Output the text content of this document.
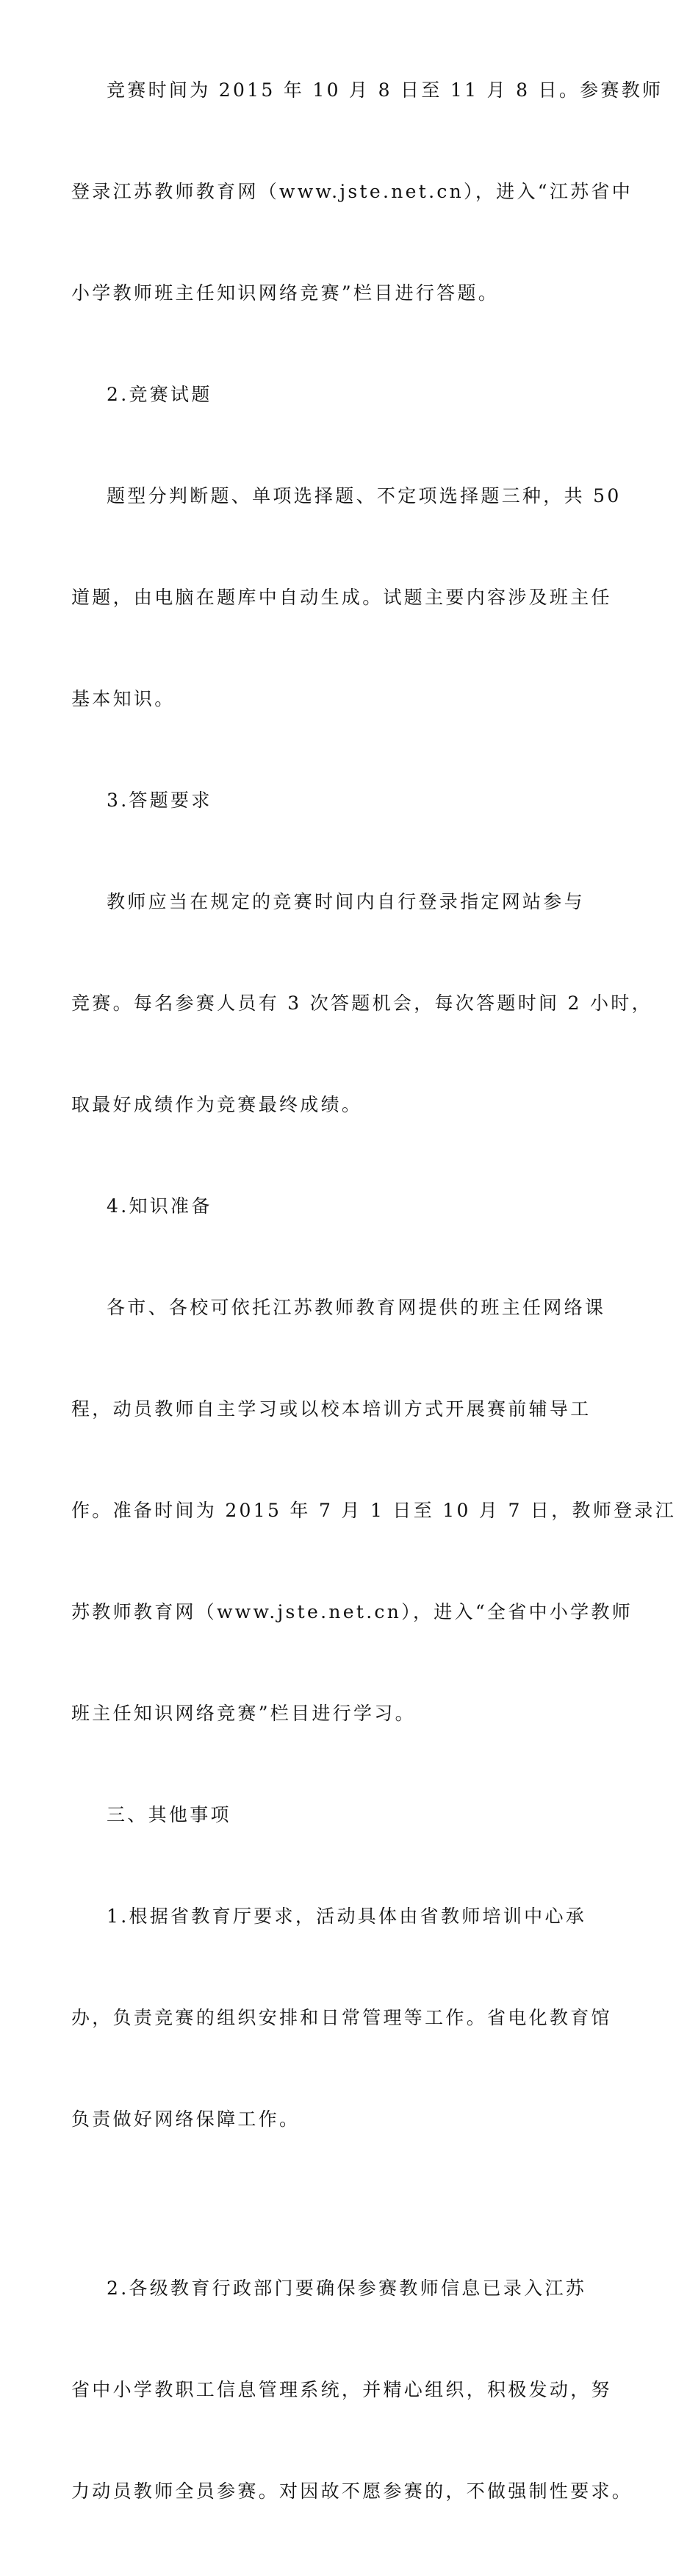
竞赛时间为 2015 年 10 月 8 日至 11 月 8 日。参赛教师

登录江苏教师教育网（www.jste.net.cn），进入“江苏省中

小学教师班主任知识网络竞赛”栏目进行答题。

2.竞赛试题

题型分判断题、单项选择题、不定项选择题三种，共 50

道题，由电脑在题库中自动生成。试题主要内容涉及班主任

基本知识。

3.答题要求

教师应当在规定的竞赛时间内自行登录指定网站参与

竞赛。每名参赛人员有 3 次答题机会，每次答题时间 2 小时，

取最好成绩作为竞赛最终成绩。

4.知识准备

各市、各校可依托江苏教师教育网提供的班主任网络课

程，动员教师自主学习或以校本培训方式开展赛前辅导工

作。准备时间为 2015 年 7 月 1 日至 10 月 7 日，教师登录江

苏教师教育网（www.jste.net.cn），进入“全省中小学教师

班主任知识网络竞赛”栏目进行学习。

三、其他事项

1.根据省教育厅要求，活动具体由省教师培训中心承

办，负责竞赛的组织安排和日常管理等工作。省电化教育馆

负责做好网络保障工作。

2.各级教育行政部门要确保参赛教师信息已录入江苏

省中小学教职工信息管理系统，并精心组织，积极发动，努

力动员教师全员参赛。对因故不愿参赛的，不做强制性要求。
